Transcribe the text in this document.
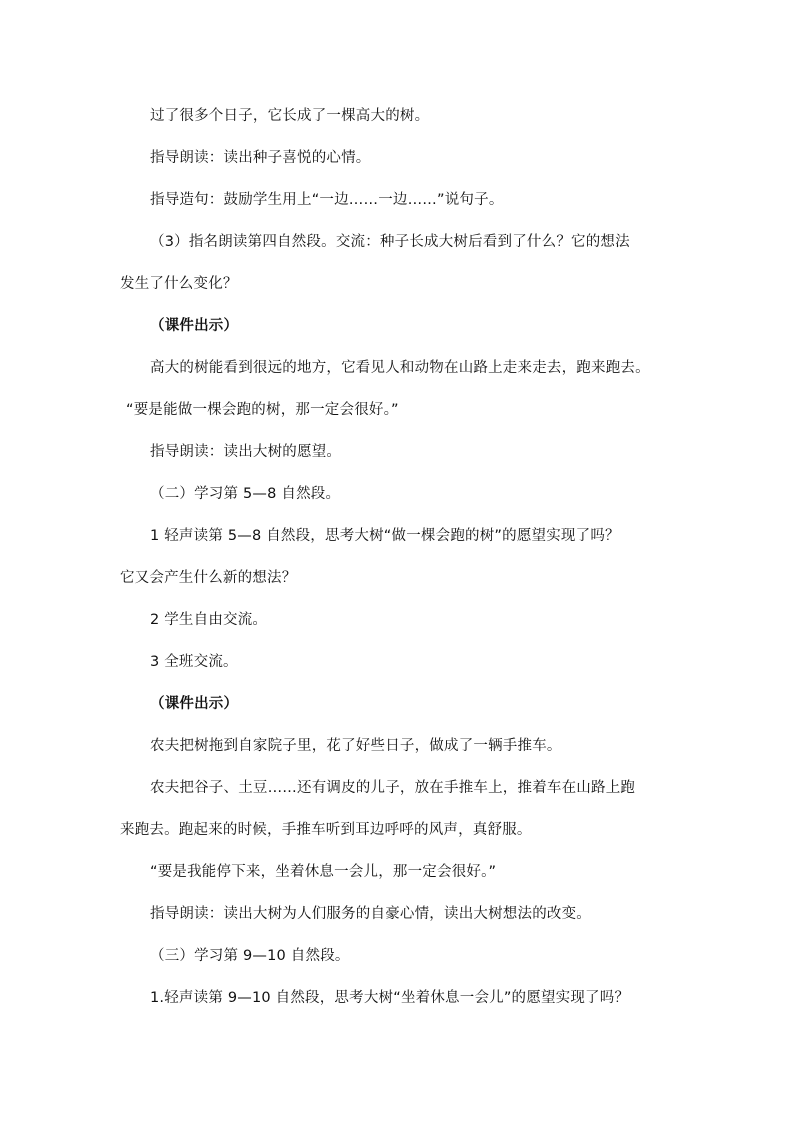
过了很多个日子，它长成了一棵高大的树。
指导朗读：读出种子喜悦的心情。
指导造句：鼓励学生用上“一边……一边……”说句子。
（3）指名朗读第四自然段。交流：种子长成大树后看到了什么？它的想法
发生了什么变化？
（课件出示）
高大的树能看到很远的地方，它看见人和动物在山路上走来走去，跑来跑去。
“要是能做一棵会跑的树，那一定会很好。”
指导朗读：读出大树的愿望。
（二）学习第 5—8 自然段。
1 轻声读第 5—8 自然段，思考大树“做一棵会跑的树”的愿望实现了吗？
它又会产生什么新的想法？
2 学生自由交流。
3 全班交流。
（课件出示）
农夫把树拖到自家院子里，花了好些日子，做成了一辆手推车。
农夫把谷子、土豆……还有调皮的儿子，放在手推车上，推着车在山路上跑
来跑去。跑起来的时候，手推车听到耳边呼呼的风声，真舒服。
“要是我能停下来，坐着休息一会儿，那一定会很好。”
指导朗读：读出大树为人们服务的自豪心情，读出大树想法的改变。
（三）学习第 9—10 自然段。
1.轻声读第 9—10 自然段，思考大树“坐着休息一会儿”的愿望实现了吗？
